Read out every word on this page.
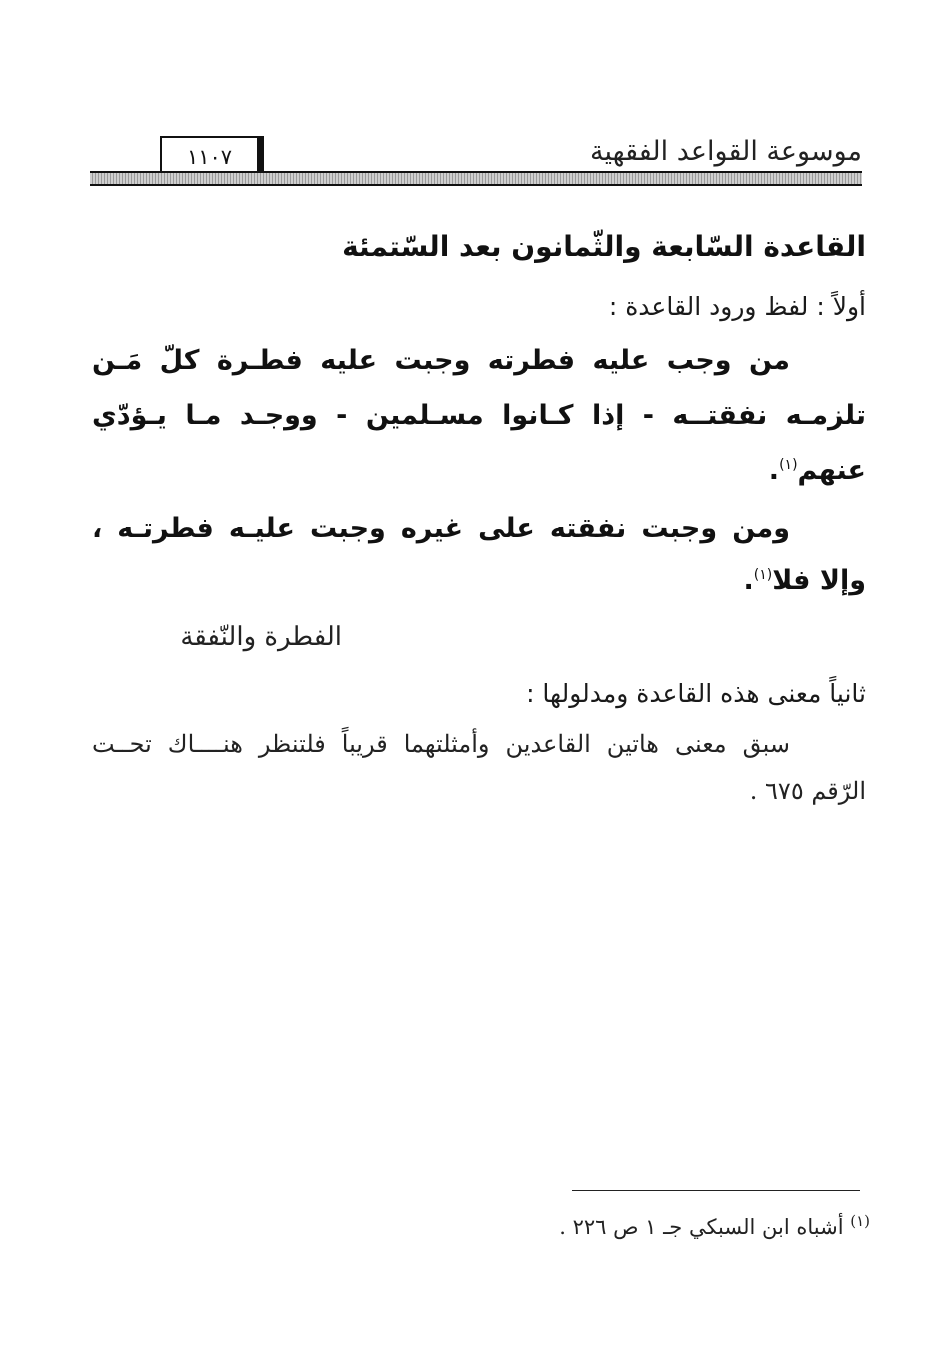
موسوعة القواعد الفقهية
١١٠٧
القاعدة السّابعة والثّمانون بعد السّتمئة
أولاً : لفظ ورود القاعدة :
من وجب عليه فطرته وجبت عليه فطـرة كلّ مَـن
تلزمـه نفقتــه - إذا كـانوا مسـلمين - ووجـد مـا يـؤدّي
عنهم$^{(١)}$.
ومن وجبت نفقته على غيره وجبت عليـه فطرتـه ،
وإلا فلا$^{(١)}$.
الفطرة والنّفقة
ثانياً معنى هذه القاعدة ومدلولها :
سبق معنى هاتين القاعدين وأمثلتهما قريباً فلتنظر هنــــاك تحــت
الرّقم ٦٧٥ .
$^{(١)}$ أشباه ابن السبكي جـ ١ ص ٢٢٦ .
